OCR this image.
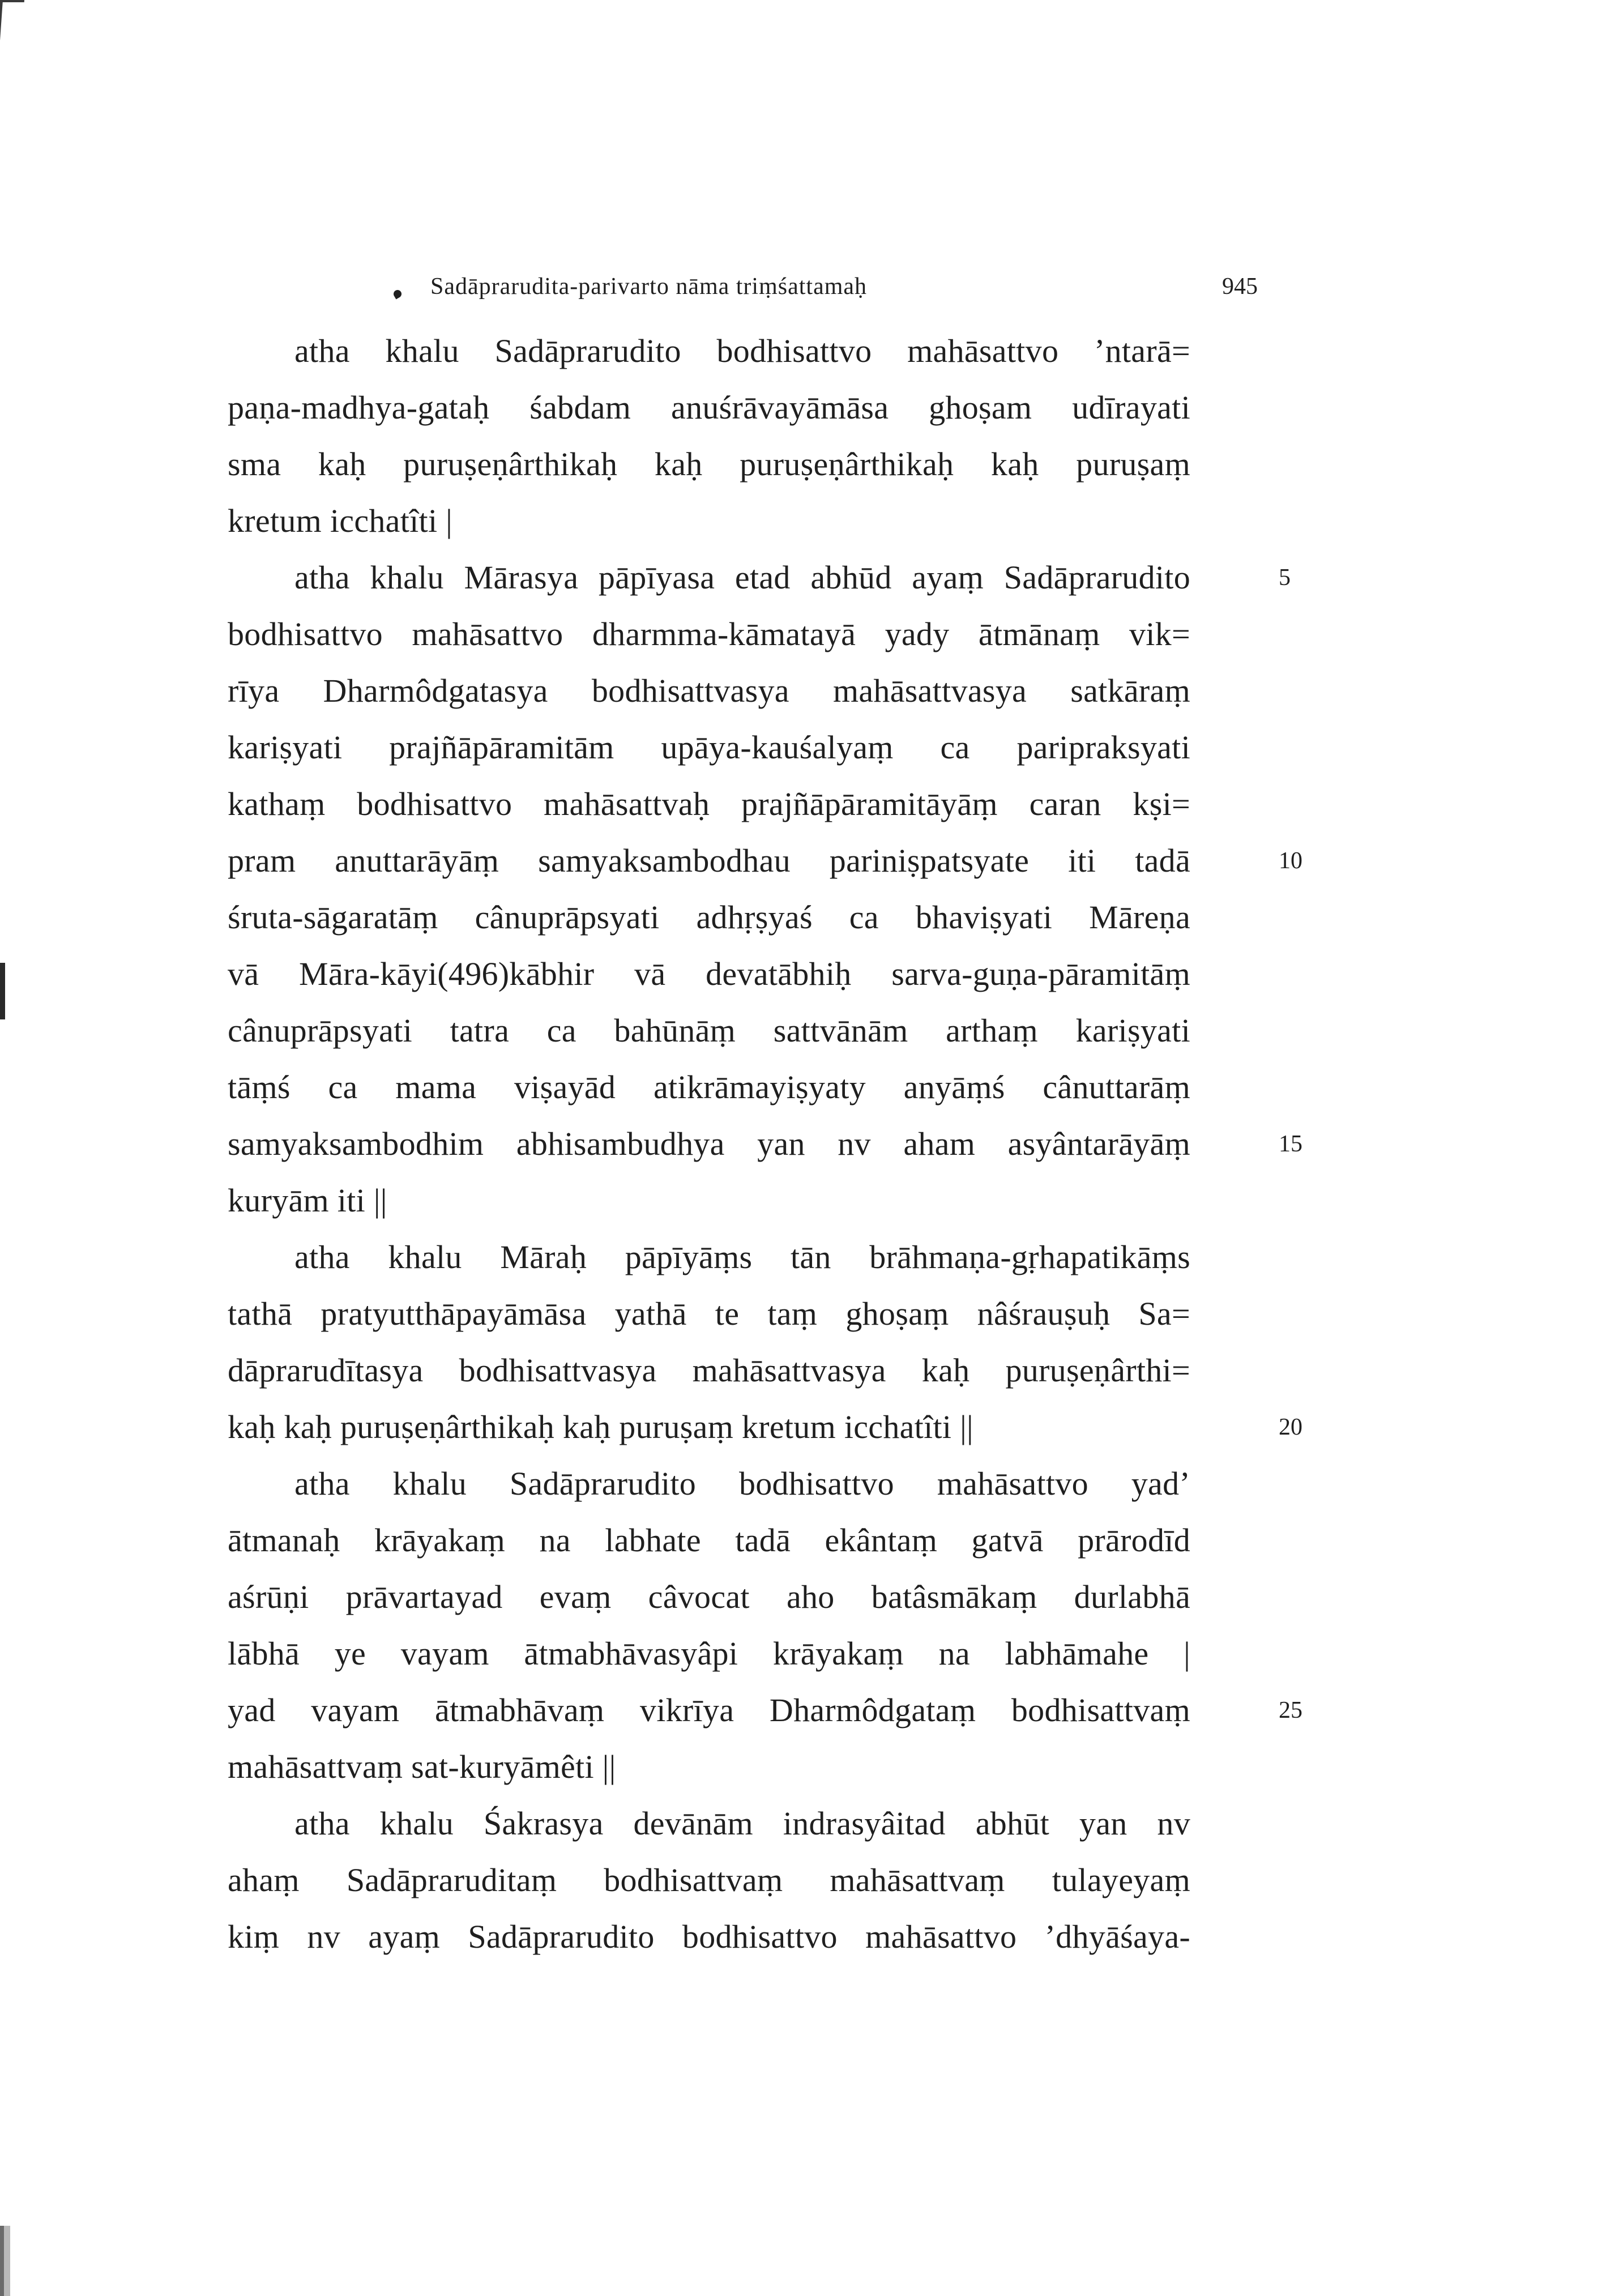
Sadāprarudita-parivarto nāma triṃśattamaḥ	945
atha khalu Sadāprarudito bodhisattvo mahāsattvo ’ntarā=
paṇa-madhya-gataḥ śabdam anuśrāvayāmāsa ghoṣam udīrayati
sma kaḥ puruṣeṇârthikaḥ kaḥ puruṣeṇârthikaḥ kaḥ puruṣaṃ
kretum icchatîti |
atha khalu Mārasya pāpīyasa etad abhūd ayaṃ Sadāprarudito
bodhisattvo mahāsattvo dharmma-kāmatayā yady ātmānaṃ vik=
rīya Dharmôdgatasya bodhisattvasya mahāsattvasya satkāraṃ
kariṣyati prajñāpāramitām upāya-kauśalyaṃ ca paripraksyati
kathaṃ bodhisattvo mahāsattvaḥ prajñāpāramitāyāṃ caran kṣi=
pram anuttarāyāṃ samyaksambodhau pariniṣpatsyate iti tadā
śruta-sāgaratāṃ cânuprāpsyati adhṛṣyaś ca bhaviṣyati Māreṇa
vā Māra-kāyi(496)kābhir vā devatābhiḥ sarva-guṇa-pāramitāṃ
cânuprāpsyati tatra ca bahūnāṃ sattvānām arthaṃ kariṣyati
tāṃś ca mama viṣayād atikrāmayiṣyaty anyāṃś cânuttarāṃ
samyaksambodhim abhisambudhya yan nv aham asyântarāyāṃ
kuryām iti ||
atha khalu Māraḥ pāpīyāṃs tān brāhmaṇa-gṛhapatikāṃs
tathā pratyutthāpayāmāsa yathā te taṃ ghoṣaṃ nâśrauṣuḥ Sa=
dāprarudītasya bodhisattvasya mahāsattvasya kaḥ puruṣeṇârthi=
kaḥ kaḥ puruṣeṇârthikaḥ kaḥ puruṣaṃ kretum icchatîti ||
atha khalu Sadāprarudito bodhisattvo mahāsattvo yad’
ātmanaḥ krāyakaṃ na labhate tadā ekântaṃ gatvā prārodīd
aśrūṇi prāvartayad evaṃ câvocat aho batâsmākaṃ durlabhā
lābhā ye vayam ātmabhāvasyâpi krāyakaṃ na labhāmahe |
yad vayam ātmabhāvaṃ vikrīya Dharmôdgataṃ bodhisattvaṃ
mahāsattvaṃ sat-kuryāmêti ||
atha khalu Śakrasya devānām indrasyâitad abhūt yan nv
ahaṃ Sadāpraruditaṃ bodhisattvaṃ mahāsattvaṃ tulayeyaṃ
kiṃ nv ayaṃ Sadāprarudito bodhisattvo mahāsattvo ’dhyāśaya-
5
10
15
20
25
